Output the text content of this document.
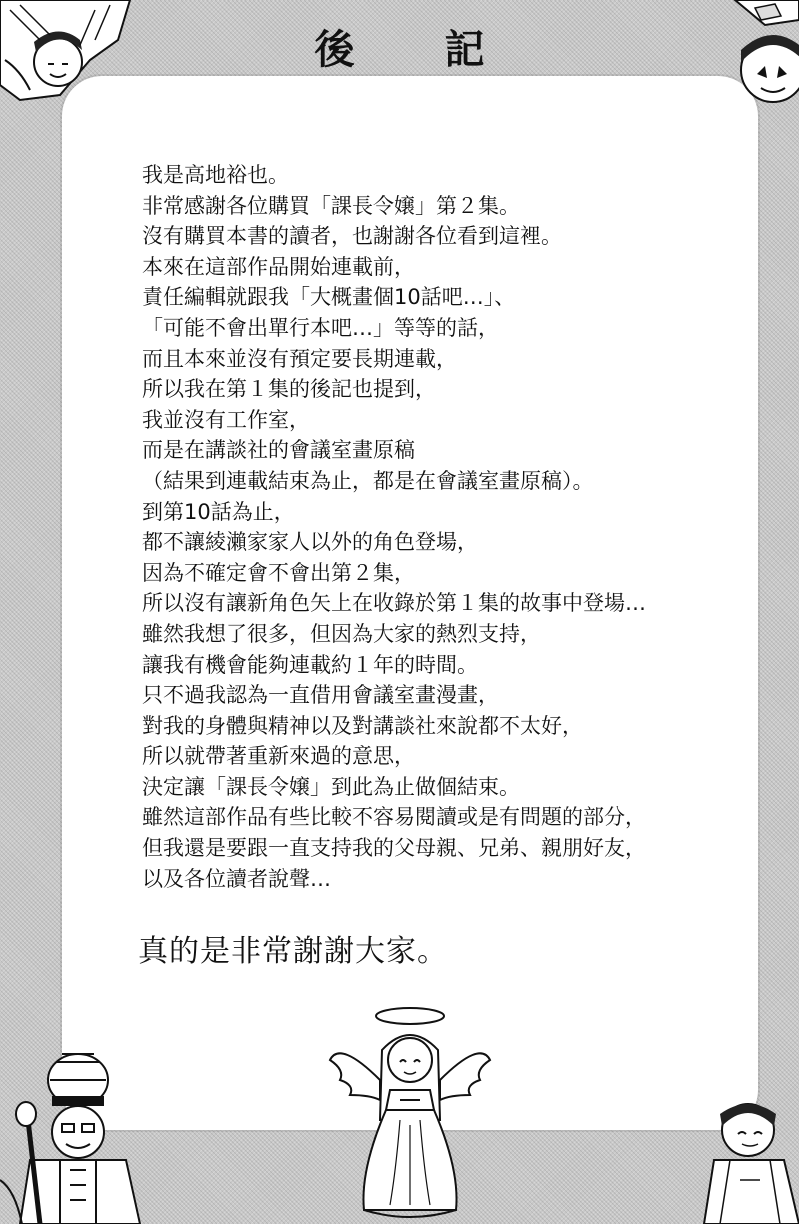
後 記
我是高地裕也。
非常感謝各位購買「課長令嬢」第２集。
沒有購買本書的讀者，也謝謝各位看到這裡。
本來在這部作品開始連載前，
責任編輯就跟我「大概畫個10話吧…」、
「可能不會出單行本吧…」等等的話，
而且本來並沒有預定要長期連載，
所以我在第１集的後記也提到，
我並沒有工作室，
而是在講談社的會議室畫原稿
（結果到連載結束為止，都是在會議室畫原稿）。
到第10話為止，
都不讓綾瀨家家人以外的角色登場，
因為不確定會不會出第２集，
所以沒有讓新角色矢上在收錄於第１集的故事中登場…
雖然我想了很多，但因為大家的熱烈支持，
讓我有機會能夠連載約１年的時間。
只不過我認為一直借用會議室畫漫畫，
對我的身體與精神以及對講談社來說都不太好，
所以就帶著重新來過的意思，
決定讓「課長令嬢」到此為止做個結束。
雖然這部作品有些比較不容易閱讀或是有問題的部分，
但我還是要跟一直支持我的父母親、兄弟、親朋好友，
以及各位讀者說聲…
真的是非常謝謝大家。
